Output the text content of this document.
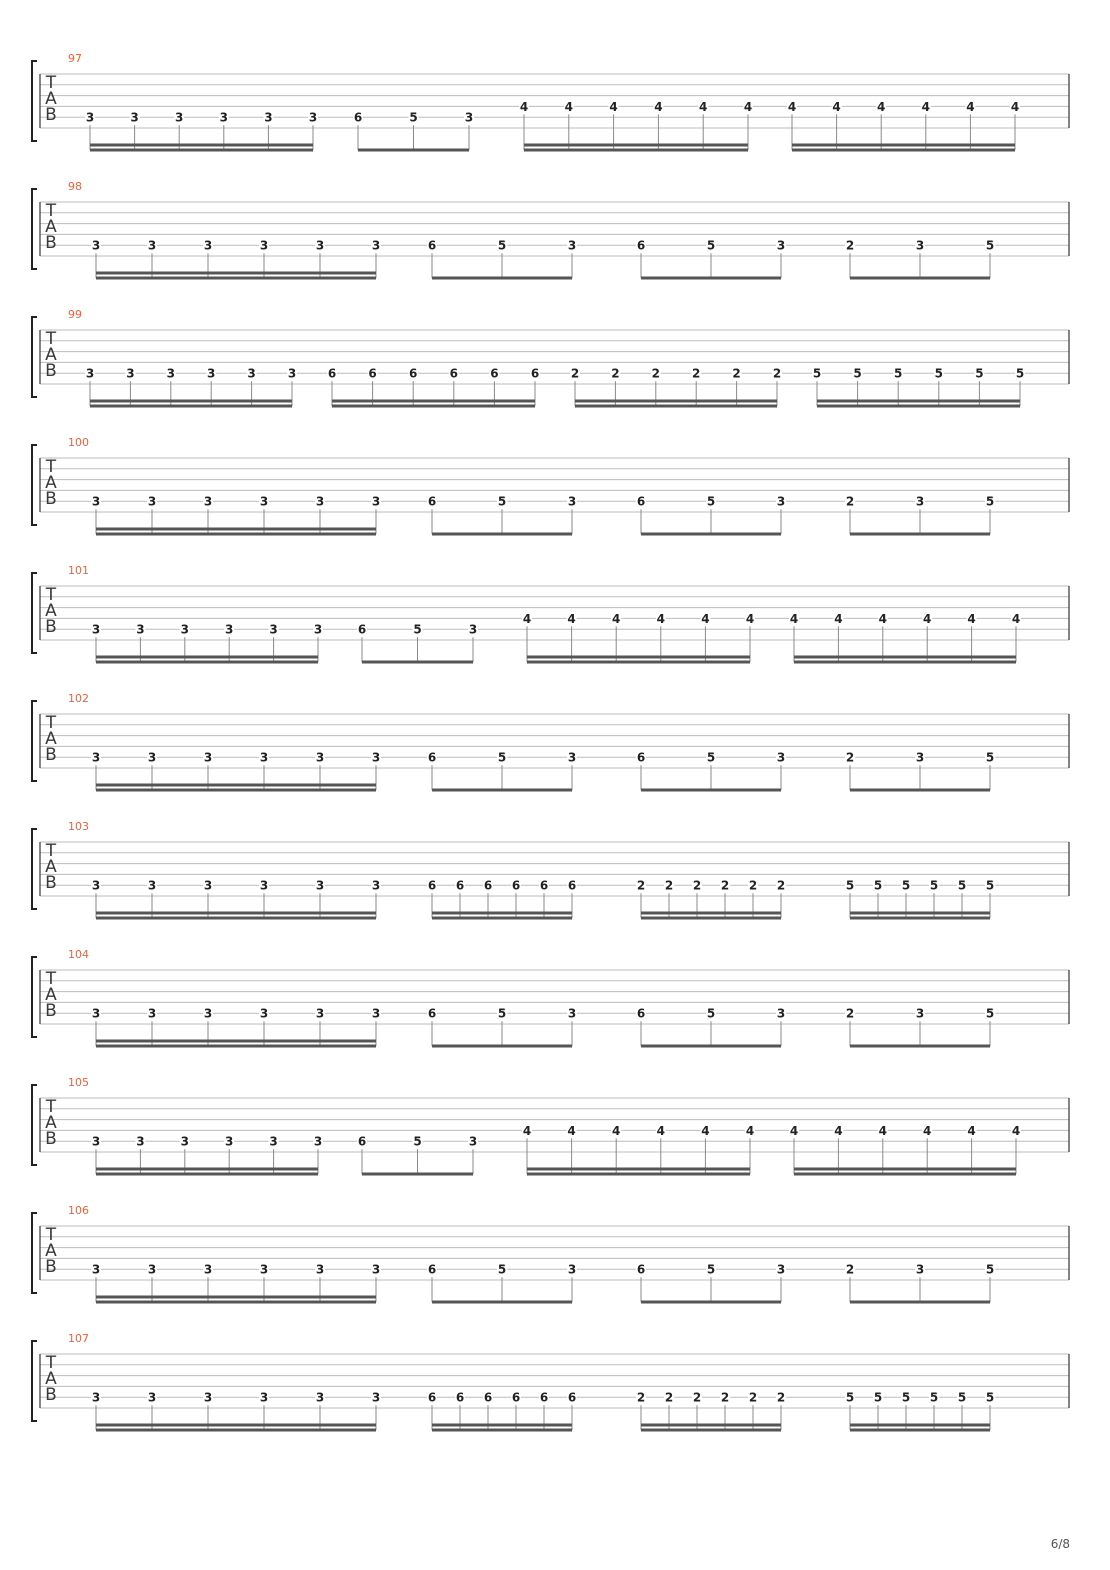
97
T
A
B 3	3	3	3	3	3	6	5	3
4	4	4	4	4	4	4	4	4	4	4	4
98
T
A
B	3	3	3	3	3	3	6	5	3	6	5	3	2	3	5
99
T
A
B 3	3	3	3	3	3	6	6	6	6	6	6	2	2	2	2	2	2	5	5	5	5	5	5
100
T
A
B	3	3	3	3	3	3	6	5	3	6	5	3	2	3	5
101
T
A
B	3	3	3	3	3	3	6	5	3
4	4	4	4	4	4	4	4	4	4	4	4
102
T
A
B	3	3	3	3	3	3	6	5	3	6	5	3	2	3	5
103
T
A
B	3	3	3	3	3	3	6 6 6 6 6 6	2 2 2 2 2 2	5 5 5 5 5 5
104
T
A
B	3	3	3	3	3	3	6	5	3	6	5	3	2	3	5
105
T
A
B	3	3	3	3	3	3	6	5	3
4	4	4	4	4	4	4	4	4	4	4	4
106
T
A
B	3	3	3	3	3	3	6	5	3	6	5	3	2	3	5
107
T
A
B	3	3	3	3	3	3	6 6 6 6 6 6	2 2 2 2 2 2	5 5 5 5 5 5
6/8
